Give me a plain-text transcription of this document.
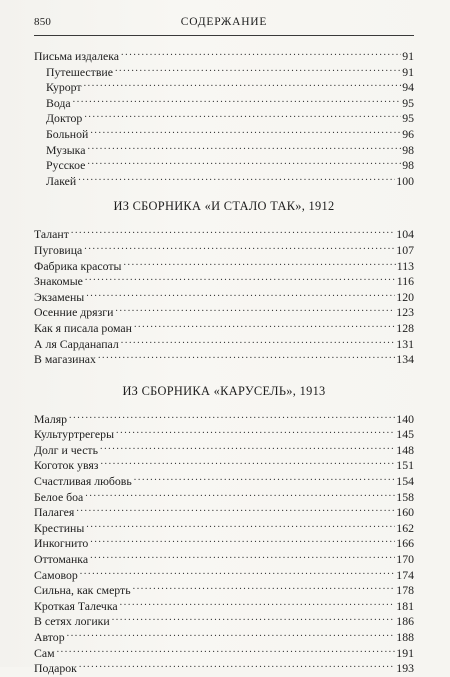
850	СОДЕРЖАНИЕ
Письма издалека .....	91
Путешествие .....	91
Курорт .....	94
Вода .....	95
Доктор .....	95
Больной .....	96
Музыка .....	98
Русское .....	98
Лакей .....	100
ИЗ СБОРНИКА «И СТАЛО ТАК», 1912
Талант .....	104
Пуговица .....	107
Фабрика красоты .....	113
Знакомые .....	116
Экзамены .....	120
Осенние дрязги .....	123
Как я писала роман .....	128
А ля Сарданапал .....	131
В магазинах .....	134
ИЗ СБОРНИКА «КАРУСЕЛЬ», 1913
Маляр .....	140
Культуртрегеры .....	145
Долг и честь .....	148
Коготок увяз .....	151
Счастливая любовь .....	154
Белое боа .....	158
Палагея .....	160
Крестины .....	162
Инкогнито .....	166
Оттоманка .....	170
Самовор .....	174
Сильна, как смерть .....	178
Кроткая Талечка .....	181
В сетях логики .....	186
Автор .....	188
Сам .....	191
Подарок .....	193
